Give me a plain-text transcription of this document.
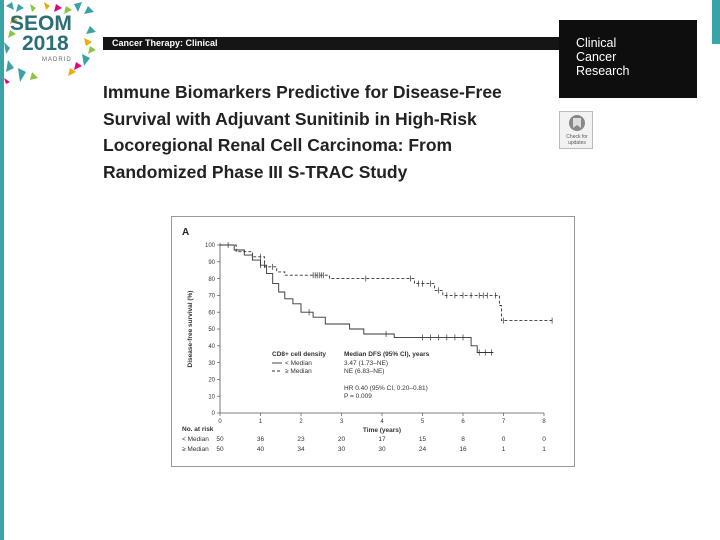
SEOM
2018
MADRID
Cancer Therapy: Clinical	Clinical
Cancer
Research
Check for updates
Immune Biomarkers Predictive for Disease-Free
Survival with Adjuvant Sunitinib in High-Risk
Locoregional Renal Cell Carcinoma: From
Randomized Phase III S-TRAC Study
A
0
10
20
30
40
50
60
70
80
90
100
0	1	2	3	4	5	6	7	8
Time (years)
Disease-free survival (%)	CD8+ cell density	Median DFS (95% CI), years
< Median	3.47 (1.73–NE)
≥ Median	NE (6.83–NE)
HR 0.40 (95% CI, 0.20–0.81)
P = 0.009
No. at risk
< Median 50	36	23	20	17	15	8	0	0
≥ Median 50	40	34	30	30	24	16	1	1
